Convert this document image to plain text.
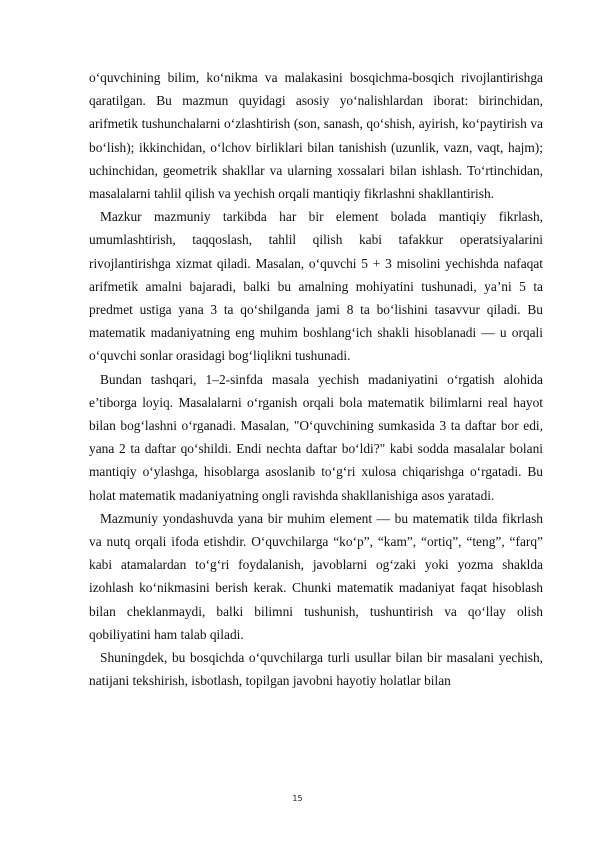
o‘quvchining bilim, ko‘nikma va malakasini bosqichma-bosqich rivojlantirishga qaratilgan. Bu mazmun quyidagi asosiy yo‘nalishlardan iborat: birinchidan, arifmetik tushunchalarni o‘zlashtirish (son, sanash, qo‘shish, ayirish, ko‘paytirish va bo‘lish); ikkinchidan, o‘lchov birliklari bilan tanishish (uzunlik, vazn, vaqt, hajm); uchinchidan, geometrik shakllar va ularning xossalari bilan ishlash. To‘rtinchidan, masalalarni tahlil qilish va yechish orqali mantiqiy fikrlashni shakllantirish.

Mazkur mazmuniy tarkibda har bir element bolada mantiqiy fikrlash, umumlashtirish, taqqoslash, tahlil qilish kabi tafakkur operatsiyalarini rivojlantirishga xizmat qiladi. Masalan, o‘quvchi 5 + 3 misolini yechishda nafaqat arifmetik amalni bajaradi, balki bu amalning mohiyatini tushunadi, ya’ni 5 ta predmet ustiga yana 3 ta qo‘shilganda jami 8 ta bo‘lishini tasavvur qiladi. Bu matematik madaniyatning eng muhim boshlang‘ich shakli hisoblanadi — u orqali o‘quvchi sonlar orasidagi bog‘liqlikni tushunadi.

Bundan tashqari, 1–2-sinfda masala yechish madaniyatini o‘rgatish alohida e’tiborga loyiq. Masalalarni o‘rganish orqali bola matematik bilimlarni real hayot bilan bog‘lashni o‘rganadi. Masalan, "O‘quvchining sumkasida 3 ta daftar bor edi, yana 2 ta daftar qo‘shildi. Endi nechta daftar bo‘ldi?" kabi sodda masalalar bolani mantiqiy o‘ylashga, hisoblarga asoslanib to‘g‘ri xulosa chiqarishga o‘rgatadi. Bu holat matematik madaniyatning ongli ravishda shakllanishiga asos yaratadi.

Mazmuniy yondashuvda yana bir muhim element — bu matematik tilda fikrlash va nutq orqali ifoda etishdir. O‘quvchilarga “ko‘p”, “kam”, “ortiq”, “teng”, “farq” kabi atamalardan to‘g‘ri foydalanish, javoblarni og‘zaki yoki yozma shaklda izohlash ko‘nikmasini berish kerak. Chunki matematik madaniyat faqat hisoblash bilan cheklanmaydi, balki bilimni tushunish, tushuntirish va qo‘llay olish qobiliyatini ham talab qiladi.

Shuningdek, bu bosqichda o‘quvchilarga turli usullar bilan bir masalani yechish, natijani tekshirish, isbotlash, topilgan javobni hayotiy holatlar bilan

15
